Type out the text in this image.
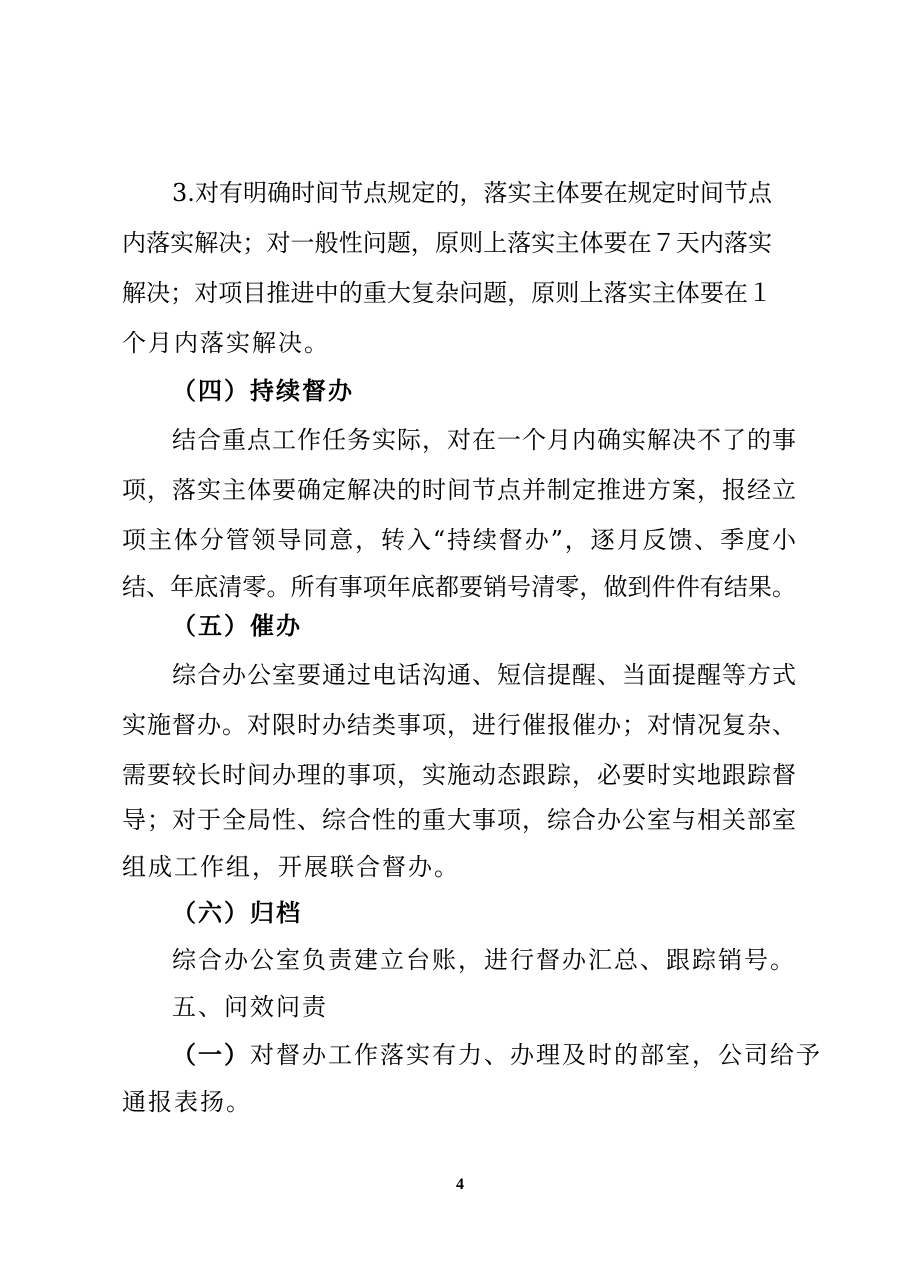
3.对有明确时间节点规定的，落实主体要在规定时间节点
内落实解决；对一般性问题，原则上落实主体要在７天内落实
解决；对项目推进中的重大复杂问题，原则上落实主体要在１
个月内落实解决。
（四）持续督办
结合重点工作任务实际，对在一个月内确实解决不了的事
项，落实主体要确定解决的时间节点并制定推进方案，报经立
项主体分管领导同意，转入“持续督办”，逐月反馈、季度小
结、年底清零。所有事项年底都要销号清零，做到件件有结果。
（五）催办
综合办公室要通过电话沟通、短信提醒、当面提醒等方式
实施督办。对限时办结类事项，进行催报催办；对情况复杂、
需要较长时间办理的事项，实施动态跟踪，必要时实地跟踪督
导；对于全局性、综合性的重大事项，综合办公室与相关部室
组成工作组，开展联合督办。
（六）归档
综合办公室负责建立台账，进行督办汇总、跟踪销号。
五、问效问责
（一）对督办工作落实有力、办理及时的部室，公司给予
通报表扬。
4
